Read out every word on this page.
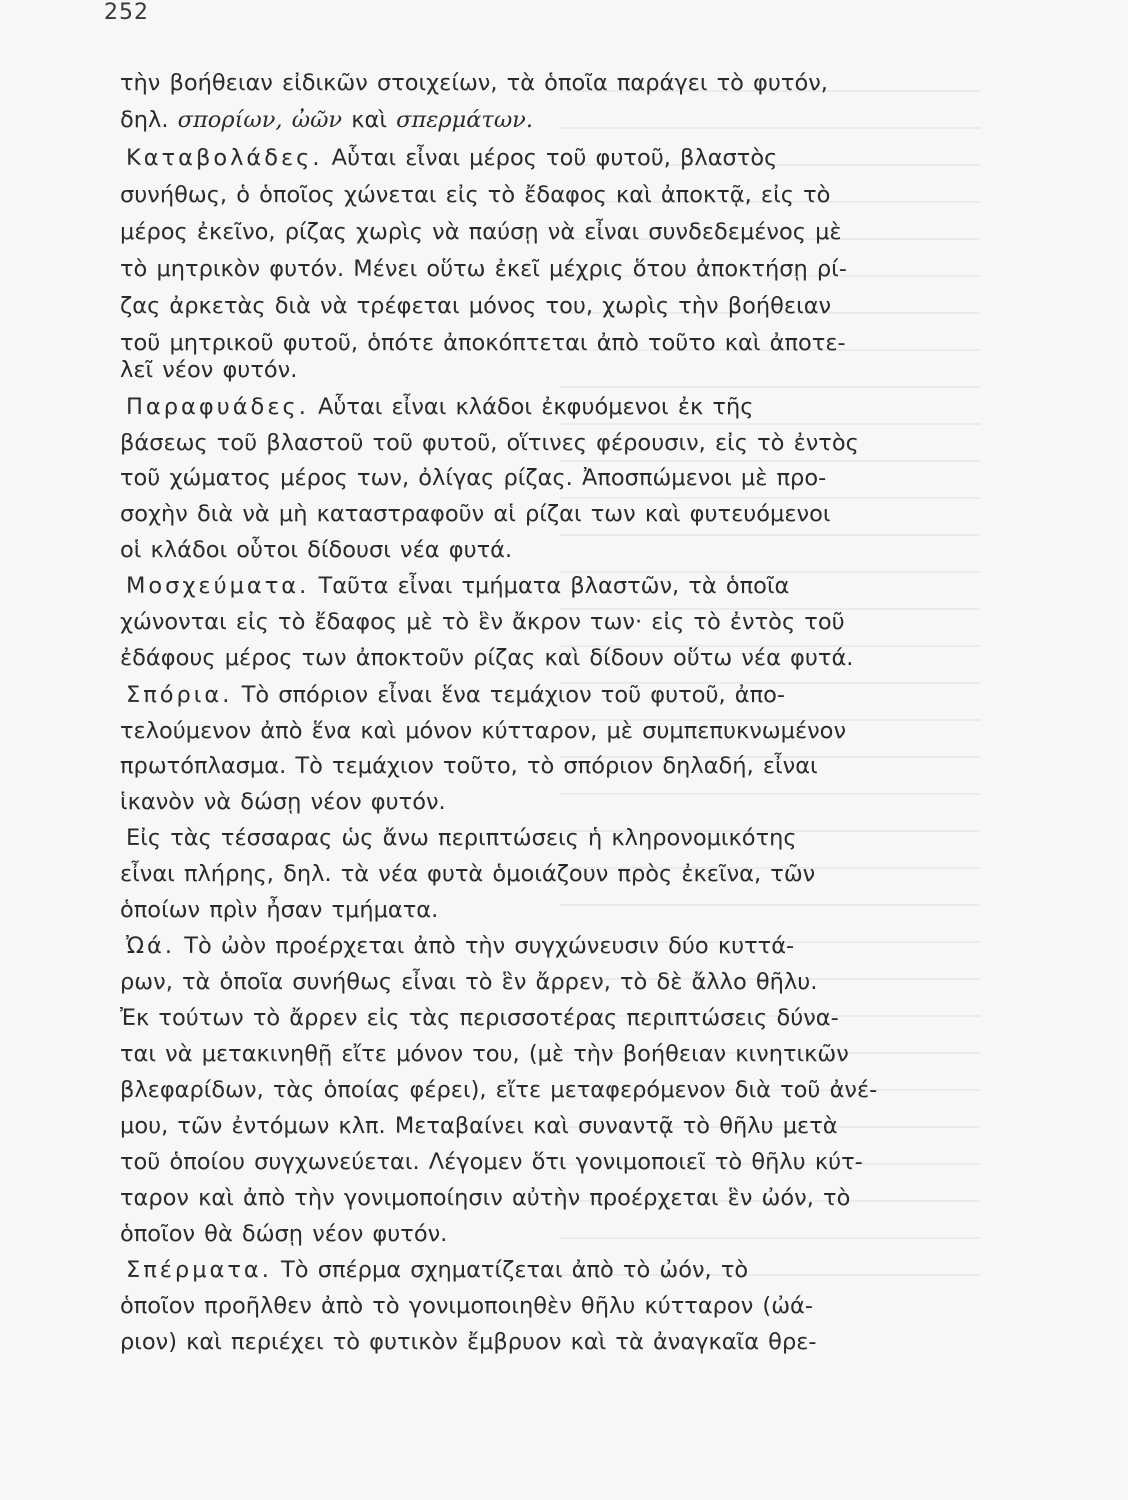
252
τὴν βοήθειαν εἰδικῶν στοιχείων, τὰ ὁποῖα παράγει τὸ φυτόν,
δηλ. σπορίων, ὠῶν καὶ σπερμάτων.
Καταβολάδες. Αὗται εἶναι μέρος τοῦ φυτοῦ, βλαστὸς
συνήθως, ὁ ὁποῖος χώνεται εἰς τὸ ἔδαφος καὶ ἀποκτᾷ, εἰς τὸ
μέρος ἐκεῖνο, ρίζας χωρὶς νὰ παύσῃ νὰ εἶναι συνδεδεμένος μὲ
τὸ μητρικὸν φυτόν. Μένει οὕτω ἐκεῖ μέχρις ὅτου ἀποκτήσῃ ρί-
ζας ἀρκετὰς διὰ νὰ τρέφεται μόνος του, χωρὶς τὴν βοήθειαν
τοῦ μητρικοῦ φυτοῦ, ὁπότε ἀποκόπτεται ἀπὸ τοῦτο καὶ ἀποτε-
λεῖ νέον φυτόν.
Παραφυάδες. Αὗται εἶναι κλάδοι ἐκφυόμενοι ἐκ τῆς
βάσεως τοῦ βλαστοῦ τοῦ φυτοῦ, οἵτινες φέρουσιν, εἰς τὸ ἐντὸς
τοῦ χώματος μέρος των, ὀλίγας ρίζας. Ἀποσπώμενοι μὲ προ-
σοχὴν διὰ νὰ μὴ καταστραφοῦν αἱ ρίζαι των καὶ φυτευόμενοι
οἱ κλάδοι οὗτοι δίδουσι νέα φυτά.
Μοσχεύματα. Ταῦτα εἶναι τμήματα βλαστῶν, τὰ ὁποῖα
χώνονται εἰς τὸ ἔδαφος μὲ τὸ ἓν ἄκρον των· εἰς τὸ ἐντὸς τοῦ
ἐδάφους μέρος των ἀποκτοῦν ρίζας καὶ δίδουν οὕτω νέα φυτά.
Σπόρια. Τὸ σπόριον εἶναι ἕνα τεμάχιον τοῦ φυτοῦ, ἀπο-
τελούμενον ἀπὸ ἕνα καὶ μόνον κύτταρον, μὲ συμπεπυκνωμένον
πρωτόπλασμα. Τὸ τεμάχιον τοῦτο, τὸ σπόριον δηλαδή, εἶναι
ἱκανὸν νὰ δώσῃ νέον φυτόν.
Εἰς τὰς τέσσαρας ὡς ἄνω περιπτώσεις ἡ κληρονομικότης
εἶναι πλήρης, δηλ. τὰ νέα φυτὰ ὁμοιάζουν πρὸς ἐκεῖνα, τῶν
ὁποίων πρὶν ἦσαν τμήματα.
Ὠά. Τὸ ὠὸν προέρχεται ἀπὸ τὴν συγχώνευσιν δύο κυττά-
ρων, τὰ ὁποῖα συνήθως εἶναι τὸ ἓν ἄρρεν, τὸ δὲ ἄλλο θῆλυ.
Ἐκ τούτων τὸ ἄρρεν εἰς τὰς περισσοτέρας περιπτώσεις δύνα-
ται νὰ μετακινηθῇ εἴτε μόνον του, (μὲ τὴν βοήθειαν κινητικῶν
βλεφαρίδων, τὰς ὁποίας φέρει), εἴτε μεταφερόμενον διὰ τοῦ ἀνέ-
μου, τῶν ἐντόμων κλπ. Μεταβαίνει καὶ συναντᾷ τὸ θῆλυ μετὰ
τοῦ ὁποίου συγχωνεύεται. Λέγομεν ὅτι γονιμοποιεῖ τὸ θῆλυ κύτ-
ταρον καὶ ἀπὸ τὴν γονιμοποίησιν αὐτὴν προέρχεται ἓν ὠόν, τὸ
ὁποῖον θὰ δώσῃ νέον φυτόν.
Σπέρματα. Τὸ σπέρμα σχηματίζεται ἀπὸ τὸ ὠόν, τὸ
ὁποῖον προῆλθεν ἀπὸ τὸ γονιμοποιηθὲν θῆλυ κύτταρον (ὠά-
ριον) καὶ περιέχει τὸ φυτικὸν ἔμβρυον καὶ τὰ ἀναγκαῖα θρε-
